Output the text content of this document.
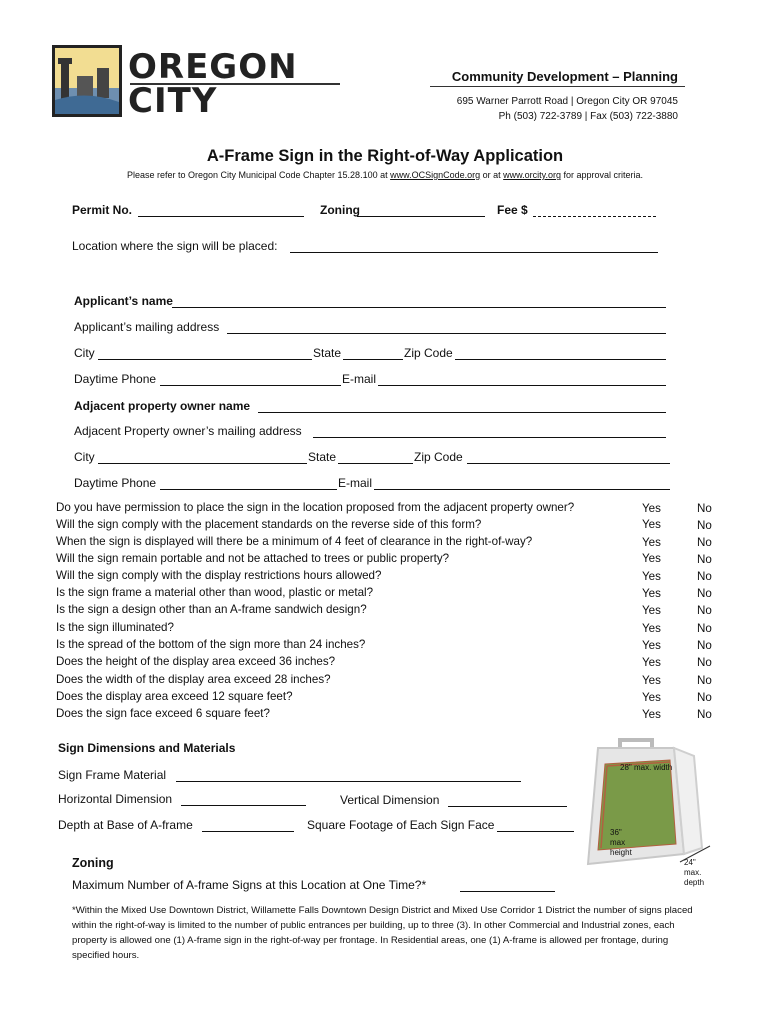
OREGON
CITY
Community Development – Planning
695 Warner Parrott Road | Oregon City OR 97045
Ph (503) 722-3789 | Fax (503) 722-3880
A-Frame Sign in the Right-of-Way Application
Please refer to Oregon City Municipal Code Chapter 15.28.100 at www.OCSignCode.org or at www.orcity.org for approval criteria.
Permit No.	Zoning	Fee $
Location where the sign will be placed:
Applicant’s name
Applicant’s mailing address
City	State	Zip Code
Daytime Phone	E-mail
Adjacent property owner name
Adjacent Property owner’s mailing address
City	State	Zip Code
Daytime Phone	E-mail
Do you have permission to place the sign in the location proposed from the adjacent property owner?	Yes	No
Will the sign comply with the placement standards on the reverse side of this form?	Yes	No
When the sign is displayed will there be a minimum of 4 feet of clearance in the right-of-way?	Yes	No
Will the sign remain portable and not be attached to trees or public property?	Yes	No
Will the sign comply with the display restrictions hours allowed?	Yes	No
Is the sign frame a material other than wood, plastic or metal?	Yes	No
Is the sign a design other than an A-frame sandwich design?	Yes	No
Is the sign illuminated?	Yes	No
Is the spread of the bottom of the sign more than 24 inches?	Yes	No
Does the height of the display area exceed 36 inches?	Yes	No
Does the width of the display area exceed 28 inches?	Yes	No
Does the display area exceed 12 square feet?	Yes	No
Does the sign face exceed 6 square feet?	Yes	No
Sign Dimensions and Materials
Sign Frame Material
Horizontal Dimension	Vertical Dimension
Depth at Base of A-frame	Square Footage of Each Sign Face
28" max. width
36"
max
height
24"
max. depth
Zoning
Maximum Number of A-frame Signs at this Location at One Time?*
*Within the Mixed Use Downtown District, Willamette Falls Downtown Design District and Mixed Use Corridor 1 District the number of signs placed within the right-of-way is limited to the number of public entrances per building, up to three (3). In other Commercial and Industrial zones, each property is allowed one (1) A-frame sign in the right-of-way per frontage. In Residential areas, one (1) A-frame is allowed per frontage, during specified hours.
